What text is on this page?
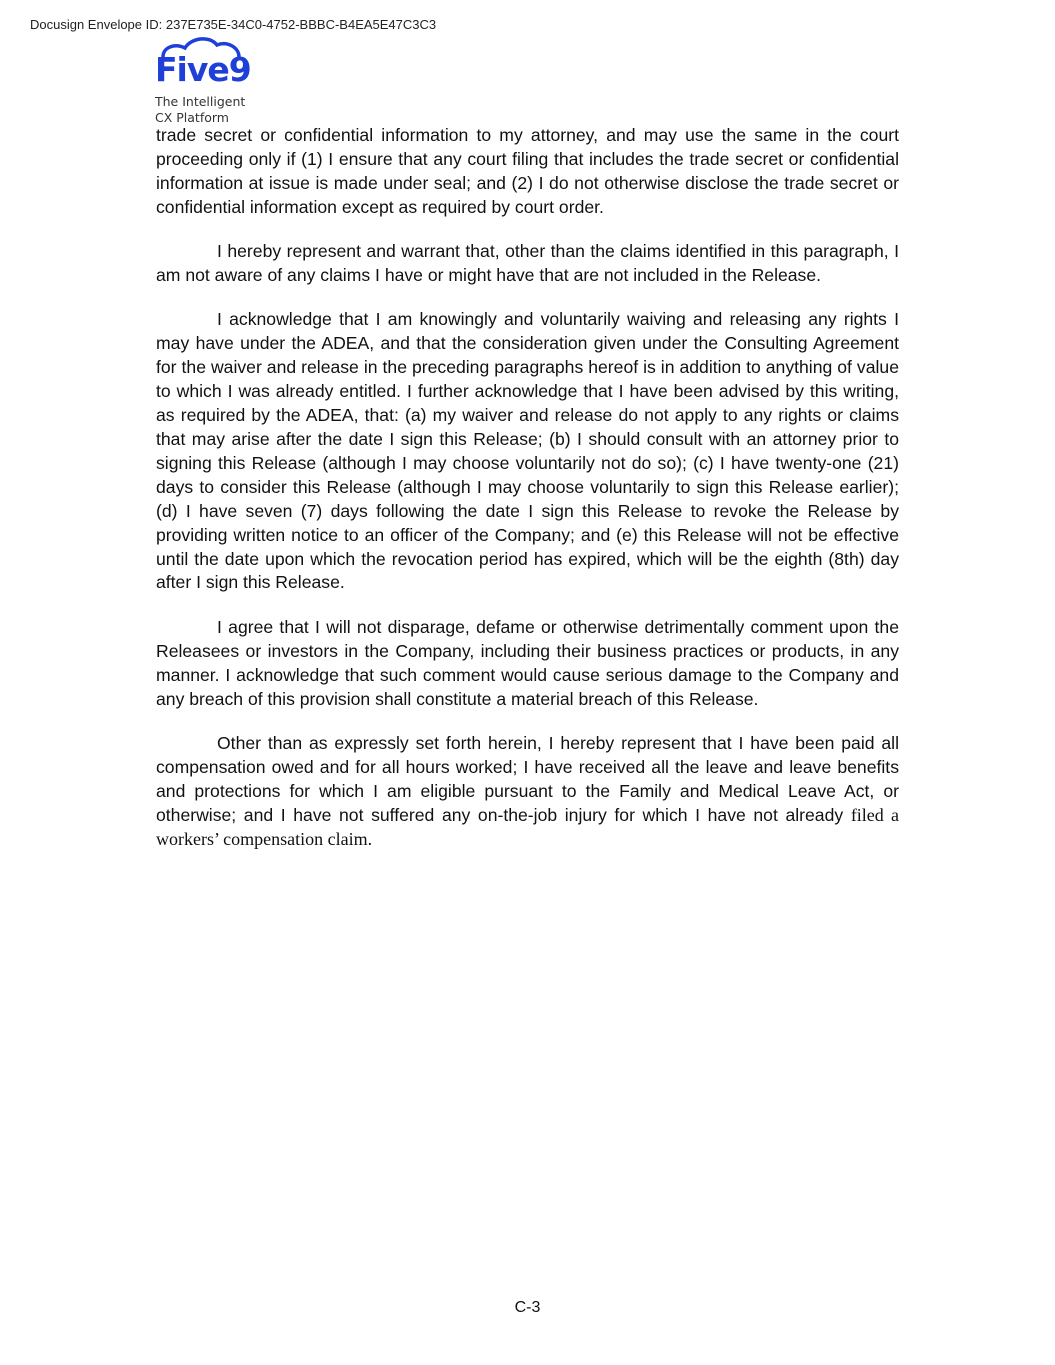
Docusign Envelope ID: 237E735E-34C0-4752-BBBC-B4EA5E47C3C3
Five9
The Intelligent
CX Platform

trade secret or confidential information to my attorney, and may use the same in the court proceeding only if (1) I ensure that any court filing that includes the trade secret or confidential information at issue is made under seal; and (2) I do not otherwise disclose the trade secret or confidential information except as required by court order.

I hereby represent and warrant that, other than the claims identified in this paragraph, I am not aware of any claims I have or might have that are not included in the Release.

I acknowledge that I am knowingly and voluntarily waiving and releasing any rights I may have under the ADEA, and that the consideration given under the Consulting Agreement for the waiver and release in the preceding paragraphs hereof is in addition to anything of value to which I was already entitled. I further acknowledge that I have been advised by this writing, as required by the ADEA, that: (a) my waiver and release do not apply to any rights or claims that may arise after the date I sign this Release; (b) I should consult with an attorney prior to signing this Release (although I may choose voluntarily not do so); (c) I have twenty-one (21) days to consider this Release (although I may choose voluntarily to sign this Release earlier); (d) I have seven (7) days following the date I sign this Release to revoke the Release by providing written notice to an officer of the Company; and (e) this Release will not be effective until the date upon which the revocation period has expired, which will be the eighth (8th) day after I sign this Release.

I agree that I will not disparage, defame or otherwise detrimentally comment upon the Releasees or investors in the Company, including their business practices or products, in any manner. I acknowledge that such comment would cause serious damage to the Company and any breach of this provision shall constitute a material breach of this Release.

Other than as expressly set forth herein, I hereby represent that I have been paid all compensation owed and for all hours worked; I have received all the leave and leave benefits and protections for which I am eligible pursuant to the Family and Medical Leave Act, or otherwise; and I have not suffered any on-the-job injury for which I have not already filed a workers’ compensation claim.

C-3
